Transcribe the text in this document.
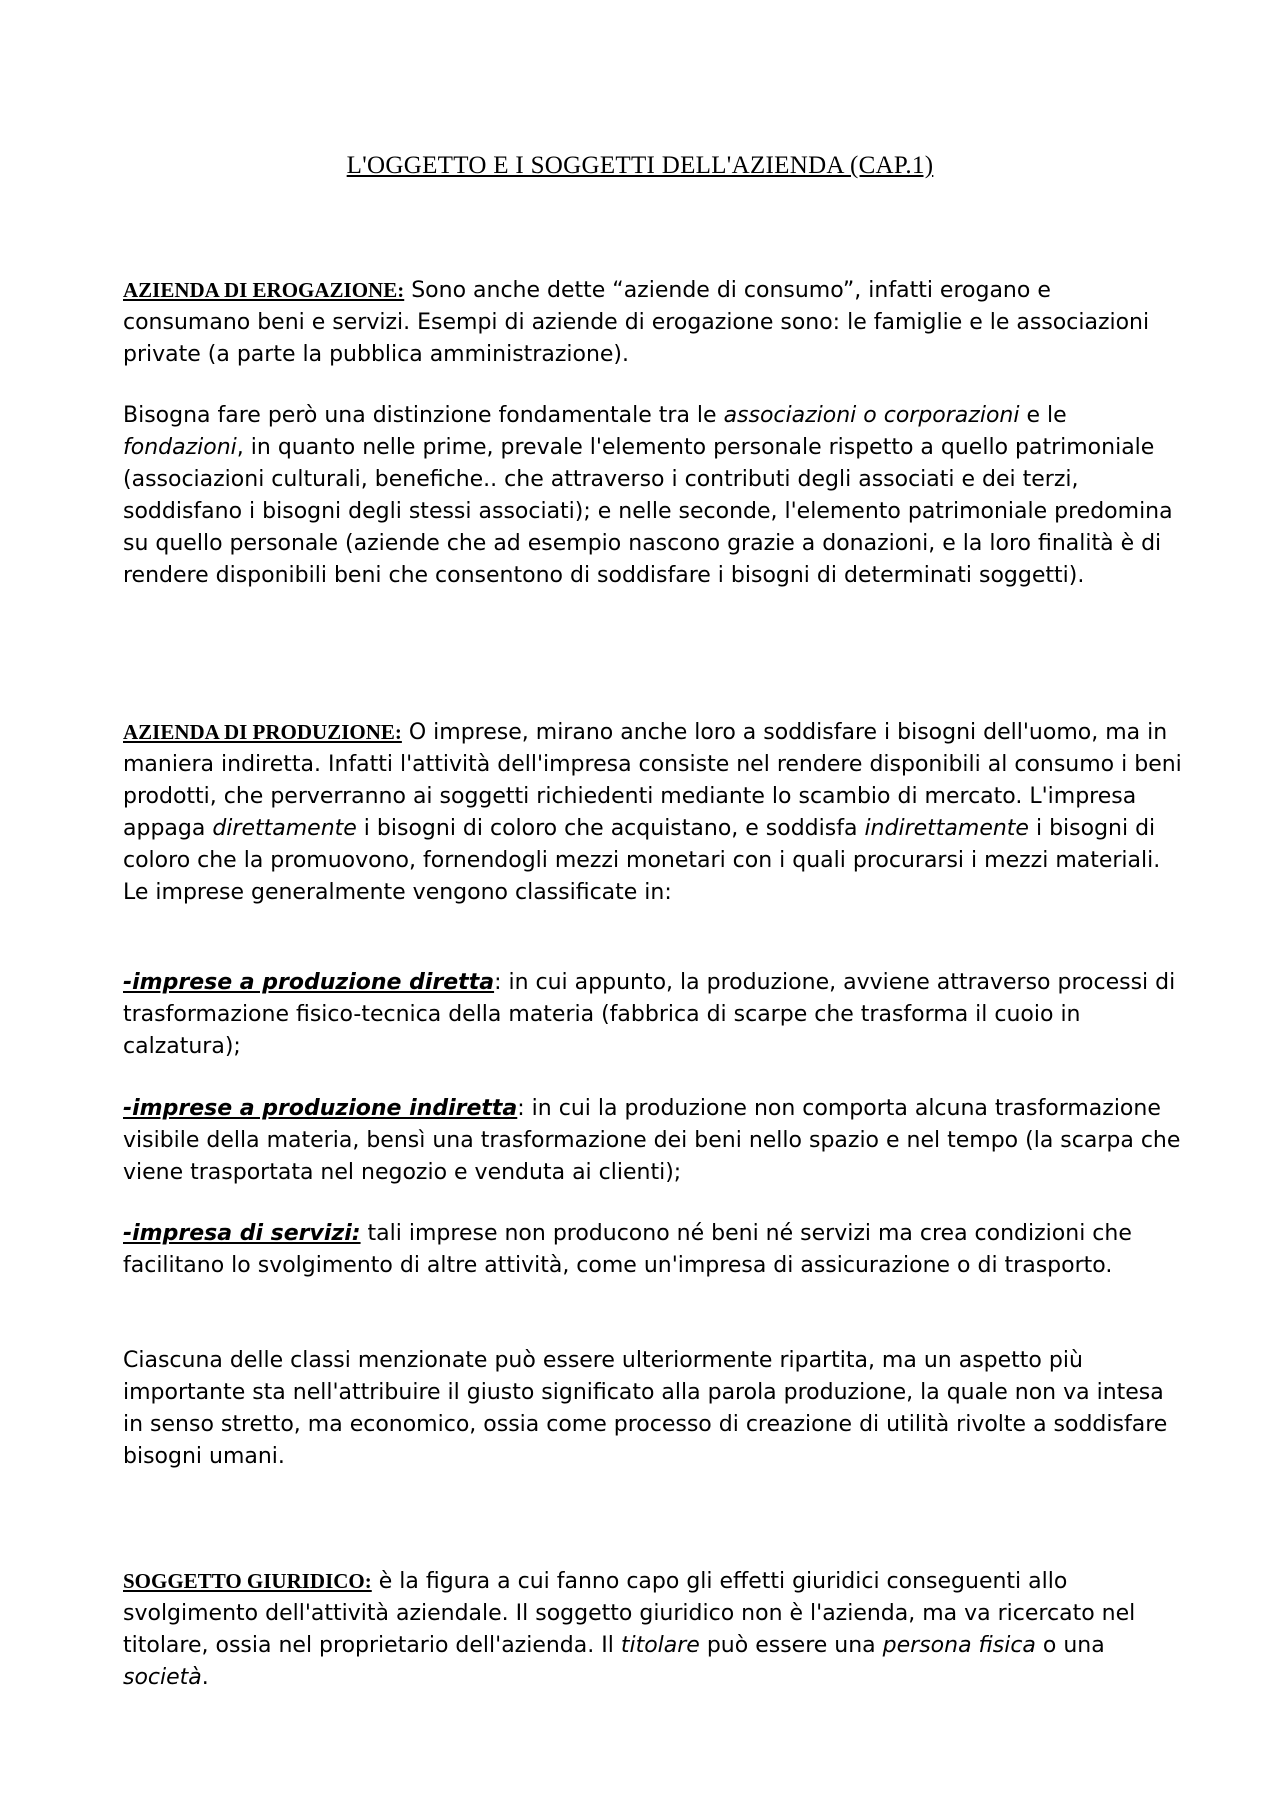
L'OGGETTO E I SOGGETTI DELL'AZIENDA (CAP.1)

AZIENDA DI EROGAZIONE: Sono anche dette “aziende di consumo”, infatti erogano e consumano beni e servizi. Esempi di aziende di erogazione sono: le famiglie e le associazioni private (a parte la pubblica amministrazione).

Bisogna fare però una distinzione fondamentale tra le associazioni o corporazioni e le fondazioni, in quanto nelle prime, prevale l'elemento personale rispetto a quello patrimoniale (associazioni culturali, benefiche.. che attraverso i contributi degli associati e dei terzi, soddisfano i bisogni degli stessi associati); e nelle seconde, l'elemento patrimoniale predomina su quello personale (aziende che ad esempio nascono grazie a donazioni, e la loro finalità è di rendere disponibili beni che consentono di soddisfare i bisogni di determinati soggetti).

AZIENDA DI PRODUZIONE: O imprese, mirano anche loro a soddisfare i bisogni dell'uomo, ma in maniera indiretta. Infatti l'attività dell'impresa consiste nel rendere disponibili al consumo i beni prodotti, che perverranno ai soggetti richiedenti mediante lo scambio di mercato. L'impresa appaga direttamente i bisogni di coloro che acquistano, e soddisfa indirettamente i bisogni di coloro che la promuovono, fornendogli mezzi monetari con i quali procurarsi i mezzi materiali. Le imprese generalmente vengono classificate in:

-imprese a produzione diretta: in cui appunto, la produzione, avviene attraverso processi di trasformazione fisico-tecnica della materia (fabbrica di scarpe che trasforma il cuoio in calzatura);

-imprese a produzione indiretta: in cui la produzione non comporta alcuna trasformazione visibile della materia, bensì una trasformazione dei beni nello spazio e nel tempo (la scarpa che viene trasportata nel negozio e venduta ai clienti);

-impresa di servizi: tali imprese non producono né beni né servizi ma crea condizioni che facilitano lo svolgimento di altre attività, come un'impresa di assicurazione o di trasporto.

Ciascuna delle classi menzionate può essere ulteriormente ripartita, ma un aspetto più importante sta nell'attribuire il giusto significato alla parola produzione, la quale non va intesa in senso stretto, ma economico, ossia come processo di creazione di utilità rivolte a soddisfare bisogni umani.

SOGGETTO GIURIDICO: è la figura a cui fanno capo gli effetti giuridici conseguenti allo svolgimento dell'attività aziendale. Il soggetto giuridico non è l'azienda, ma va ricercato nel titolare, ossia nel proprietario dell'azienda. Il titolare può essere una persona fisica o una società.
